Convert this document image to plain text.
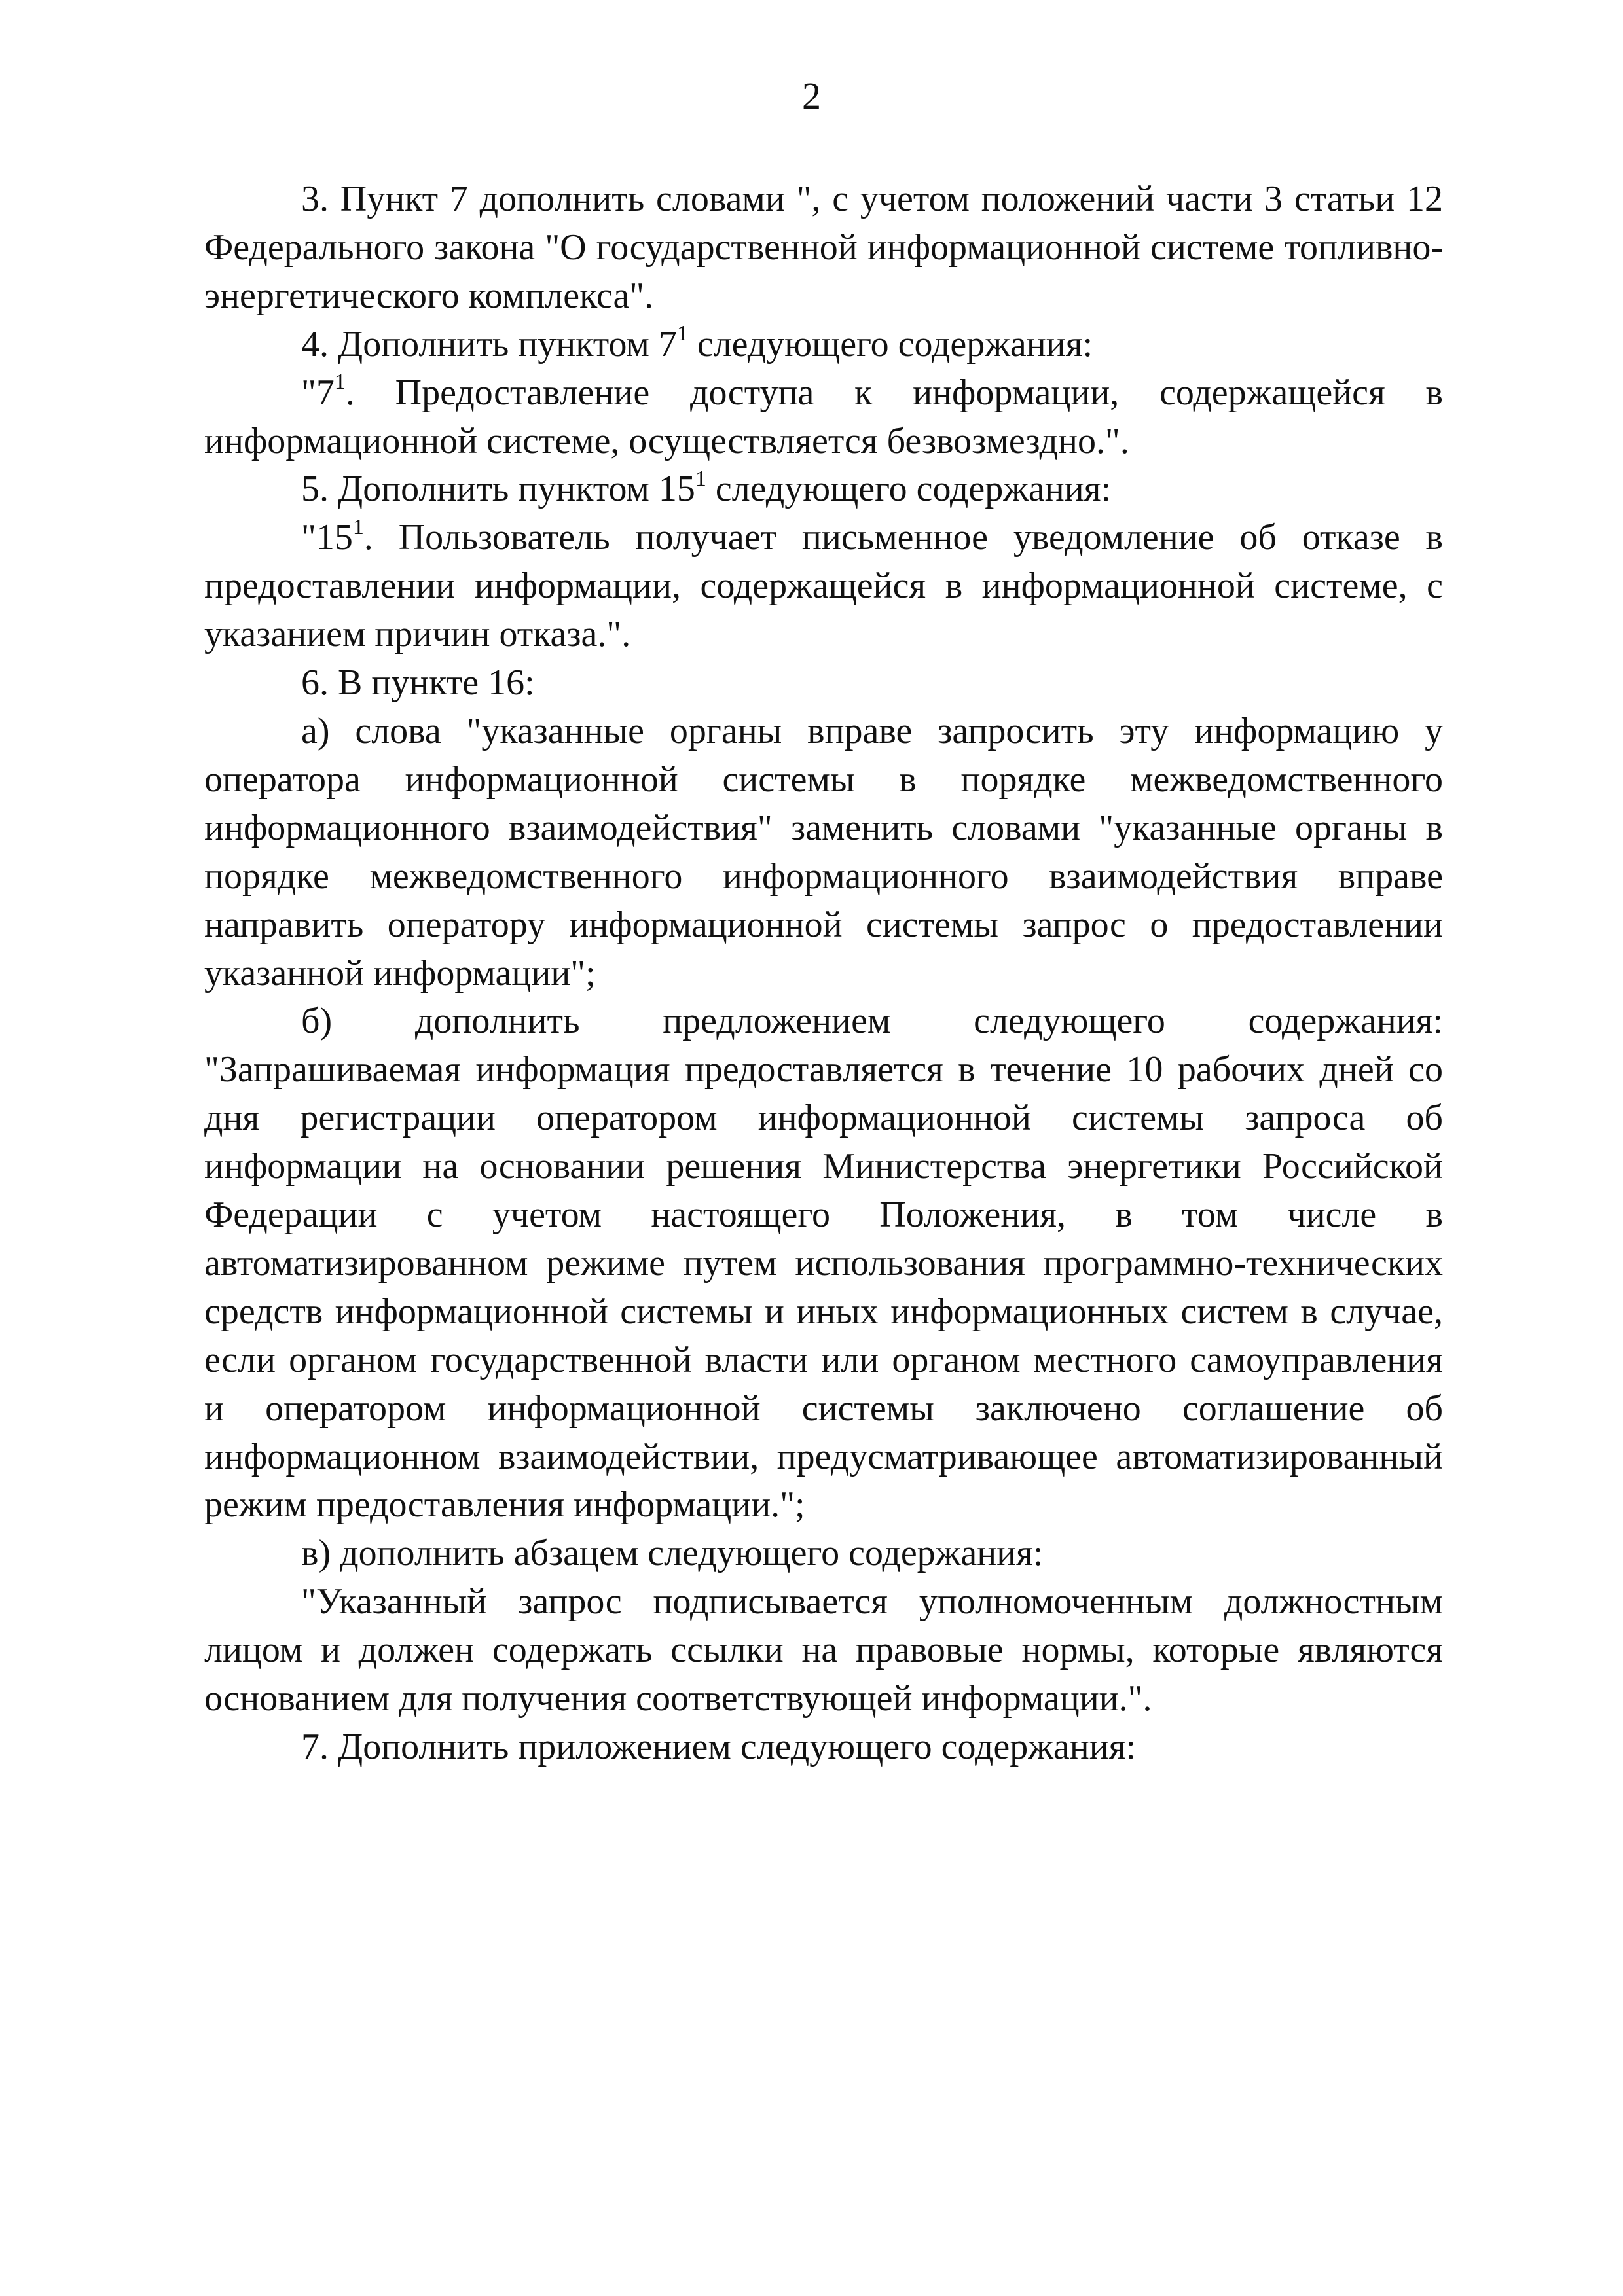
2

3. Пункт 7 дополнить словами ", с учетом положений части 3 статьи 12 Федерального закона "О государственной информационной системе топливно-энергетического комплекса".

4. Дополнить пунктом $7^1$ следующего содержания:

"$7^1$. Предоставление доступа к информации, содержащейся в информационной системе, осуществляется безвозмездно.".

5. Дополнить пунктом $15^1$ следующего содержания:

"$15^1$. Пользователь получает письменное уведомление об отказе в предоставлении информации, содержащейся в информационной системе, с указанием причин отказа.".

6. В пункте 16:

а) слова "указанные органы вправе запросить эту информацию у оператора информационной системы в порядке межведомственного информационного взаимодействия" заменить словами "указанные органы в порядке межведомственного информационного взаимодействия вправе направить оператору информационной системы запрос о предоставлении указанной информации";

б) дополнить предложением следующего содержания:

"Запрашиваемая информация предоставляется в течение 10 рабочих дней со дня регистрации оператором информационной системы запроса об информации на основании решения Министерства энергетики Российской Федерации с учетом настоящего Положения, в том числе в автоматизированном режиме путем использования программно-технических средств информационной системы и иных информационных систем в случае, если органом государственной власти или органом местного самоуправления и оператором информационной системы заключено соглашение об информационном взаимодействии, предусматривающее автоматизированный режим предоставления информации.";

в) дополнить абзацем следующего содержания:

"Указанный запрос подписывается уполномоченным должностным лицом и должен содержать ссылки на правовые нормы, которые являются основанием для получения соответствующей информации.".

7. Дополнить приложением следующего содержания:
